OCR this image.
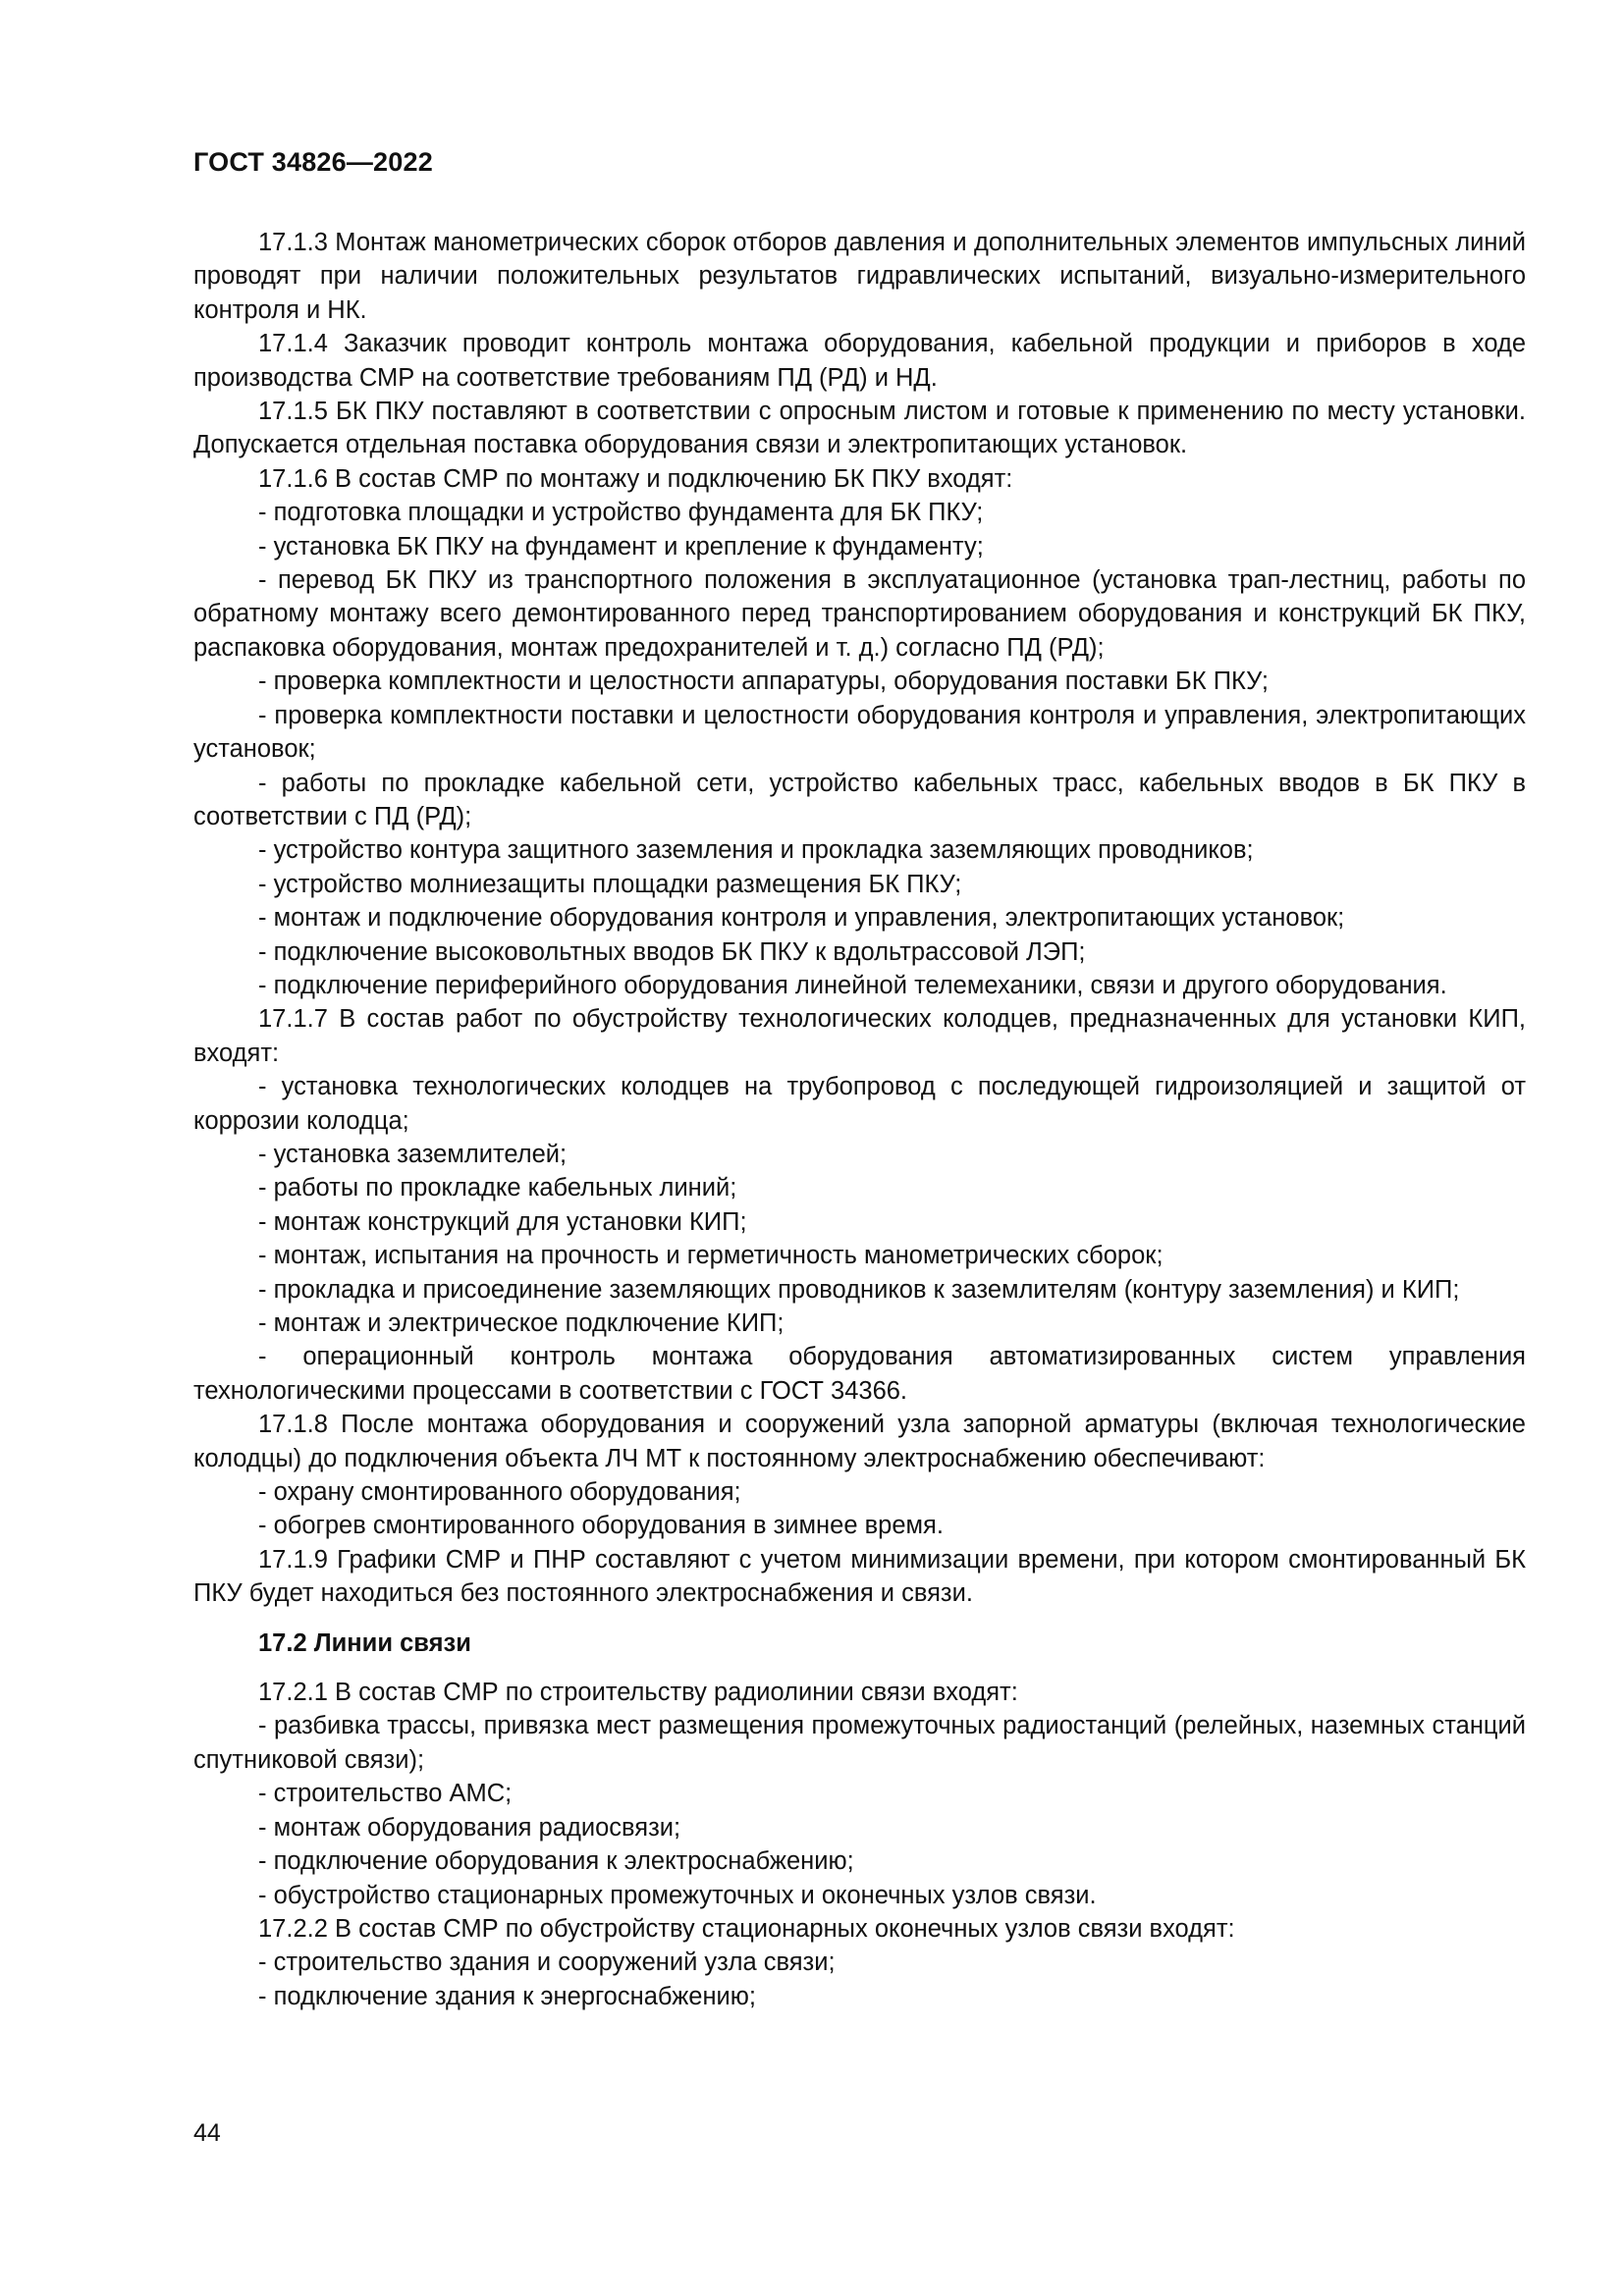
ГОСТ 34826—2022

17.1.3 Монтаж манометрических сборок отборов давления и дополнительных элементов импульсных линий проводят при наличии положительных результатов гидравлических испытаний, визуально-измерительного контроля и НК.

17.1.4 Заказчик проводит контроль монтажа оборудования, кабельной продукции и приборов в ходе производства СМР на соответствие требованиям ПД (РД) и НД.

17.1.5 БК ПКУ поставляют в соответствии с опросным листом и готовые к применению по месту установки. Допускается отдельная поставка оборудования связи и электропитающих установок.

17.1.6 В состав СМР по монтажу и подключению БК ПКУ входят:

- подготовка площадки и устройство фундамента для БК ПКУ;

- установка БК ПКУ на фундамент и крепление к фундаменту;

- перевод БК ПКУ из транспортного положения в эксплуатационное (установка трап-лестниц, работы по обратному монтажу всего демонтированного перед транспортированием оборудования и конструкций БК ПКУ, распаковка оборудования, монтаж предохранителей и т. д.) согласно ПД (РД);

- проверка комплектности и целостности аппаратуры, оборудования поставки БК ПКУ;

- проверка комплектности поставки и целостности оборудования контроля и управления, электропитающих установок;

- работы по прокладке кабельной сети, устройство кабельных трасс, кабельных вводов в БК ПКУ в соответствии с ПД (РД);

- устройство контура защитного заземления и прокладка заземляющих проводников;

- устройство молниезащиты площадки размещения БК ПКУ;

- монтаж и подключение оборудования контроля и управления, электропитающих установок;

- подключение высоковольтных вводов БК ПКУ к вдольтрассовой ЛЭП;

- подключение периферийного оборудования линейной телемеханики, связи и другого оборудования.

17.1.7 В состав работ по обустройству технологических колодцев, предназначенных для установки КИП, входят:

- установка технологических колодцев на трубопровод с последующей гидроизоляцией и защитой от коррозии колодца;

- установка заземлителей;

- работы по прокладке кабельных линий;

- монтаж конструкций для установки КИП;

- монтаж, испытания на прочность и герметичность манометрических сборок;

- прокладка и присоединение заземляющих проводников к заземлителям (контуру заземления) и КИП;

- монтаж и электрическое подключение КИП;

- операционный контроль монтажа оборудования автоматизированных систем управления технологическими процессами в соответствии с ГОСТ 34366.

17.1.8 После монтажа оборудования и сооружений узла запорной арматуры (включая технологические колодцы) до подключения объекта ЛЧ МТ к постоянному электроснабжению обеспечивают:

- охрану смонтированного оборудования;

- обогрев смонтированного оборудования в зимнее время.

17.1.9 Графики СМР и ПНР составляют с учетом минимизации времени, при котором смонтированный БК ПКУ будет находиться без постоянного электроснабжения и связи.

17.2 Линии связи

17.2.1 В состав СМР по строительству радиолинии связи входят:

- разбивка трассы, привязка мест размещения промежуточных радиостанций (релейных, наземных станций спутниковой связи);

- строительство АМС;

- монтаж оборудования радиосвязи;

- подключение оборудования к электроснабжению;

- обустройство стационарных промежуточных и оконечных узлов связи.

17.2.2 В состав СМР по обустройству стационарных оконечных узлов связи входят:

- строительство здания и сооружений узла связи;

- подключение здания к энергоснабжению;

44
